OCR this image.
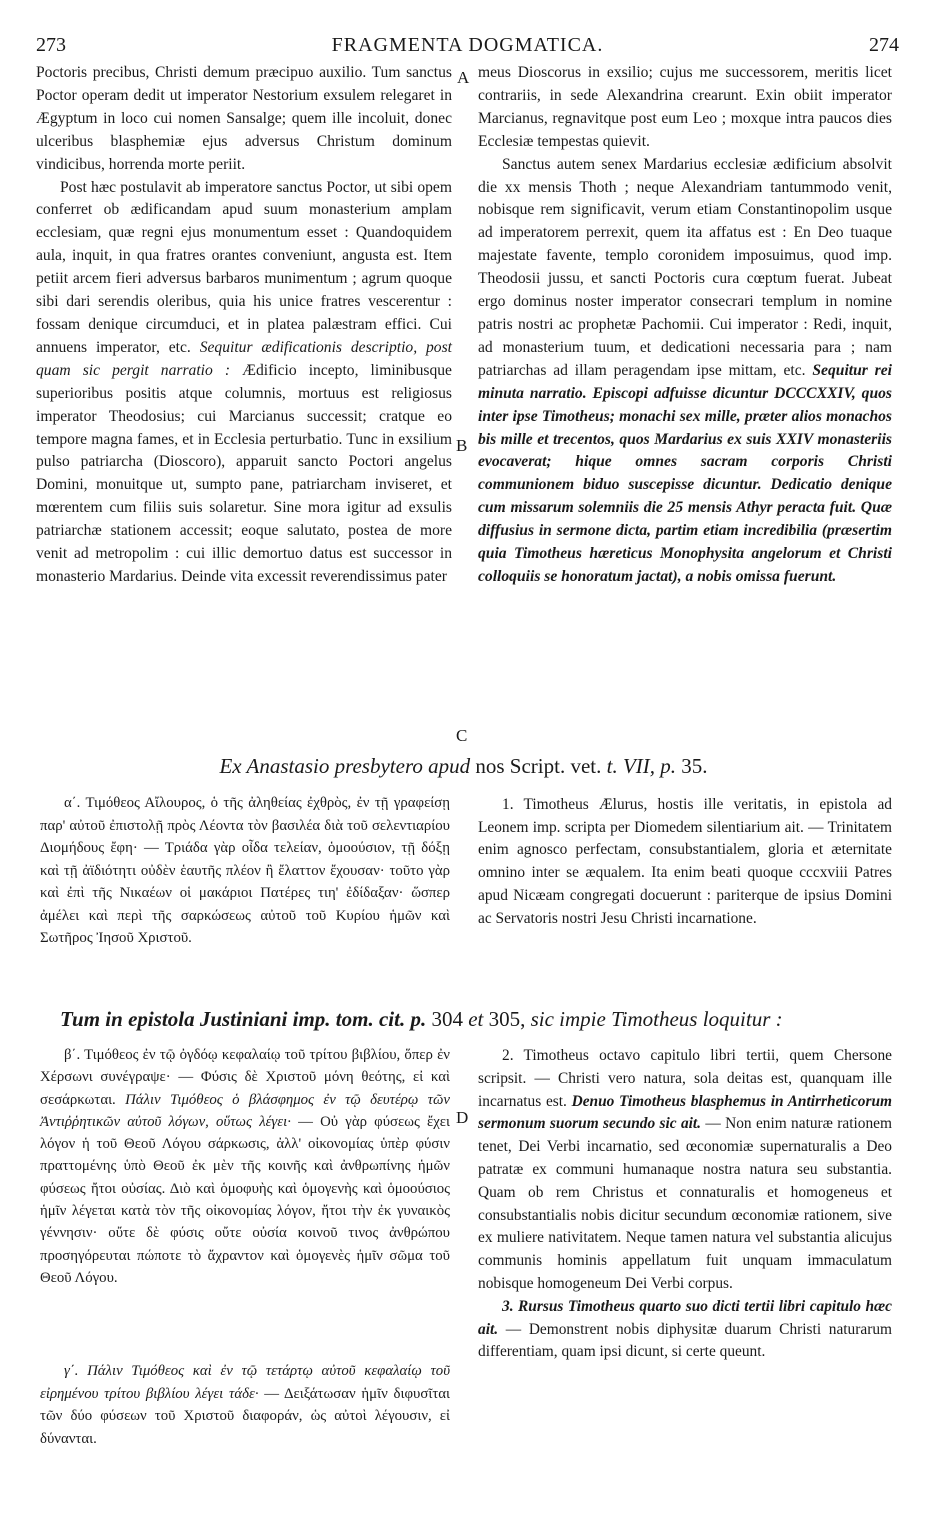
273	FRAGMENTA DOGMATICA.	274

Poctoris precibus, Christi demum præcipuo auxilio. Tum sanctus Poctor operam dedit ut imperator Nestorium exsulem relegaret in Ægyptum in loco cui nomen Sansalge; quem ille incoluit, donec ulceribus blasphemiæ ejus adversus Christum dominum vindicibus, horrenda morte periit.

Post hæc postulavit ab imperatore sanctus Poctor, ut sibi opem conferret ob ædificandam apud suum monasterium amplam ecclesiam, quæ regni ejus monumentum esset : Quandoquidem aula, inquit, in qua fratres orantes conveniunt, angusta est. Item petiit arcem fieri adversus barbaros munimentum ; agrum quoque sibi dari serendis oleribus, quia his unice fratres vescerentur : fossam denique circumduci, et in platea palæstram effici. Cui annuens imperator, etc. Sequitur ædificationis descriptio, post quam sic pergit narratio : Ædificio incepto, liminibusque superioribus positis atque columnis, mortuus est religiosus imperator Theodosius; cui Marcianus successit; cratque eo tempore magna fames, et in Ecclesia perturbatio. Tunc in exsilium pulso patriarcha (Dioscoro), apparuit sancto Poctori angelus Domini, monuitque ut, sumpto pane, patriarcham inviseret, et mœrentem cum filiis suis solaretur. Sine mora igitur ad exsulis patriarchæ stationem accessit; eoque salutato, postea de more venit ad metropolim : cui illic demortuo datus est successor in monasterio Mardarius. Deinde vita excessit reverendissimus pater

A
B
C
D

meus Dioscorus in exsilio; cujus me successorem, meritis licet contrariis, in sede Alexandrina crearunt. Exin obiit imperator Marcianus, regnavitque post eum Leo ; moxque intra paucos dies Ecclesiæ tempestas quievit.

Sanctus autem senex Mardarius ecclesiæ ædificium absolvit die xx mensis Thoth ; neque Alexandriam tantummodo venit, nobisque rem significavit, verum etiam Constantinopolim usque ad imperatorem perrexit, quem ita affatus est : En Deo tuaque majestate favente, templo coronidem imposuimus, quod imp. Theodosii jussu, et sancti Poctoris cura cœptum fuerat. Jubeat ergo dominus noster imperator consecrari templum in nomine patris nostri ac prophetæ Pachomii. Cui imperator : Redi, inquit, ad monasterium tuum, et dedicationi necessaria para ; nam patriarchas ad illam peragendam ipse mittam, etc. Sequitur rei minuta narratio. Episcopi adfuisse dicuntur DCCCXXIV, quos inter ipse Timotheus; monachi sex mille, præter alios monachos bis mille et trecentos, quos Mardarius ex suis XXIV monasteriis evocaverat; hique omnes sacram corporis Christi communionem biduo suscepisse dicuntur. Dedicatio denique cum missarum solemniis die 25 mensis Athyr peracta fuit. Quæ diffusius in sermone dicta, partim etiam incredibilia (præsertim quia Timotheus hæreticus Monophysita angelorum et Christi colloquiis se honoratum jactat), a nobis omissa fuerunt.

Ex Anastasio presbytero apud nos Script. vet. t. VII, p. 35.

α΄. Τιμόθεος Αἴλουρος, ὁ τῆς ἀληθείας ἐχθρὸς, ἐν τῇ γραφείσῃ παρ' αὐτοῦ ἐπιστολῇ πρὸς Λέοντα τὸν βασιλέα διὰ τοῦ σελεντιαρίου Διομήδους ἔφη· — Τριάδα γὰρ οἶδα τελείαν, ὁμοούσιον, τῇ δόξῃ καὶ τῇ ἀϊδιότητι οὐδὲν ἑαυτῆς πλέον ἢ ἔλαττον ἔχουσαν· τοῦτο γὰρ καὶ ἐπὶ τῆς Νικαέων οἱ μακάριοι Πατέρες τιη' ἐδίδαξαν· ὥσπερ ἀμέλει καὶ περὶ τῆς σαρκώσεως αὐτοῦ τοῦ Κυρίου ἡμῶν καὶ Σωτῆρος Ἰησοῦ Χριστοῦ.

1. Timotheus Ælurus, hostis ille veritatis, in epistola ad Leonem imp. scripta per Diomedem silentiarium ait. — Trinitatem enim agnosco perfectam, consubstantialem, gloria et æternitate omnino inter se æqualem. Ita enim beati quoque cccxviii Patres apud Nicæam congregati docuerunt : pariterque de ipsius Domini ac Servatoris nostri Jesu Christi incarnatione.

Tum in epistola Justiniani imp. tom. cit. p. 304 et 305, sic impie Timotheus loquitur :

β΄. Τιμόθεος ἐν τῷ ὀγδόῳ κεφαλαίῳ τοῦ τρίτου βιβλίου, ὅπερ ἐν Χέρσωνι συνέγραψε· — Φύσις δὲ Χριστοῦ μόνη θεότης, εἰ καὶ σεσάρκωται. Πάλιν Τιμόθεος ὁ βλάσφημος ἐν τῷ δευτέρῳ τῶν Ἀντιῤῥητικῶν αὐτοῦ λόγων, οὕτως λέγει· — Οὐ γὰρ φύσεως ἔχει λόγον ἡ τοῦ Θεοῦ Λόγου σάρκωσις, ἀλλ' οἰκονομίας ὑπὲρ φύσιν πραττομένης ὑπὸ Θεοῦ ἐκ μὲν τῆς κοινῆς καὶ ἀνθρωπίνης ἡμῶν φύσεως ἤτοι οὐσίας. Διὸ καὶ ὁμοφυὴς καὶ ὁμογενὴς καὶ ὁμοούσιος ἡμῖν λέγεται κατὰ τὸν τῆς οἰκονομίας λόγον, ἤτοι τὴν ἐκ γυναικὸς γέννησιν· οὔτε δὲ φύσις οὔτε οὐσία κοινοῦ τινος ἀνθρώπου προσηγόρευται πώποτε τὸ ἄχραντον καὶ ὁμογενὲς ἡμῖν σῶμα τοῦ Θεοῦ Λόγου.

γ΄. Πάλιν Τιμόθεος καὶ ἐν τῷ τετάρτῳ αὐτοῦ κεφαλαίῳ τοῦ εἰρημένου τρίτου βιβλίου λέγει τάδε· — Δειξάτωσαν ἡμῖν διφυσῖται τῶν δύο φύσεων τοῦ Χριστοῦ διαφοράν, ὡς αὐτοὶ λέγουσιν, εἰ δύνανται.

2. Timotheus octavo capitulo libri tertii, quem Chersone scripsit. — Christi vero natura, sola deitas est, quanquam ille incarnatus est. Denuo Timotheus blasphemus in Antirrheticorum sermonum suorum secundo sic ait. — Non enim naturæ rationem tenet, Dei Verbi incarnatio, sed œconomiæ supernaturalis a Deo patratæ ex communi humanaque nostra natura seu substantia. Quam ob rem Christus et connaturalis et homogeneus et consubstantialis nobis dicitur secundum œconomiæ rationem, sive ex muliere nativitatem. Neque tamen natura vel substantia alicujus communis hominis appellatum fuit unquam immaculatum nobisque homogeneum Dei Verbi corpus.

3. Rursus Timotheus quarto suo dicti tertii libri capitulo hæc ait. — Demonstrent nobis diphysitæ duarum Christi naturarum differentiam, quam ipsi dicunt, si certe queunt.
